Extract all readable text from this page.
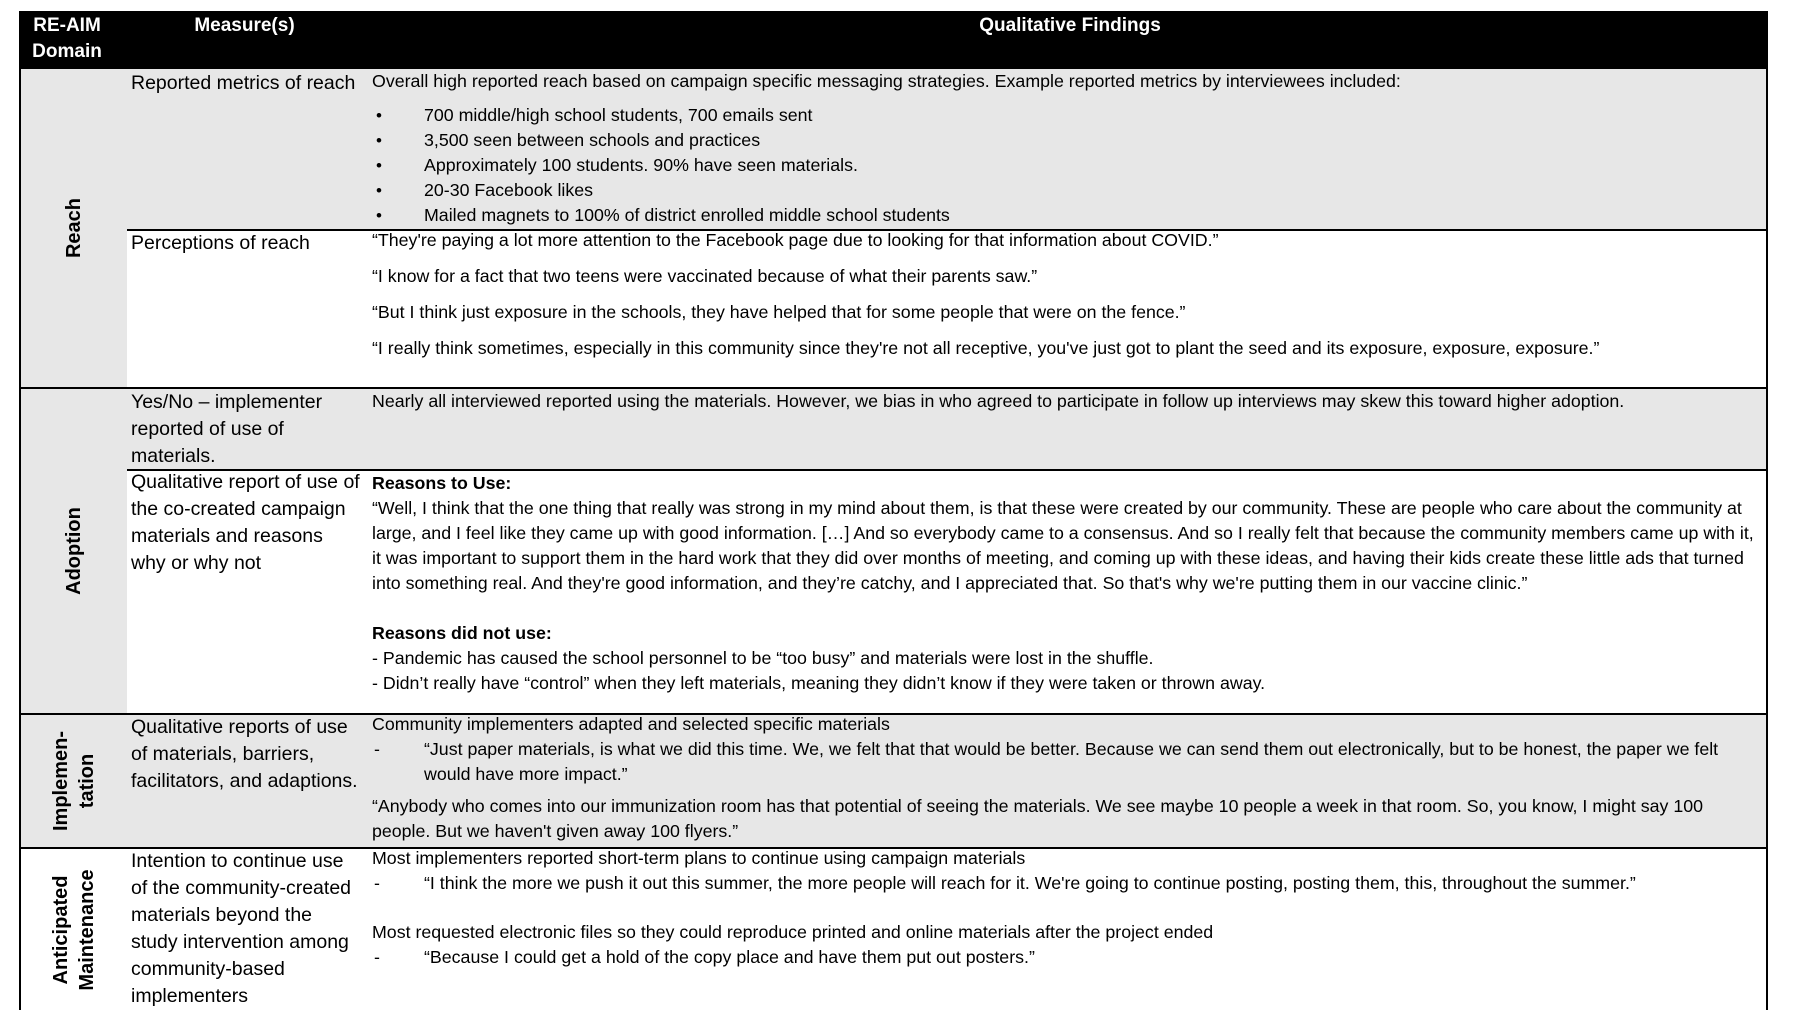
RE-AIM Domain
Measure(s)	Qualitative Findings
Reach
Reported metrics of reach Overall high reported reach based on campaign specific messaging strategies. Example reported metrics by interviewees included:

• 700 middle/high school students, 700 emails sent
• 3,500 seen between schools and practices
• Approximately 100 students. 90% have seen materials.
• 20-30 Facebook likes
• Mailed magnets to 100% of district enrolled middle school students
Perceptions of reach	“They're paying a lot more attention to the Facebook page due to looking for that information about COVID.”

“I know for a fact that two teens were vaccinated because of what their parents saw.”

“But I think just exposure in the schools, they have helped that for some people that were on the fence.”

“I really think sometimes, especially in this community since they're not all receptive, you've just got to plant the seed and its exposure, exposure, exposure.”

Adoption
Yes/No – implementer reported of use of materials.
Nearly all interviewed reported using the materials. However, we bias in who agreed to participate in follow up interviews may skew this toward higher adoption.
Qualitative report of use of the co-created campaign materials and reasons why or why not

Reasons to Use:

“Well, I think that the one thing that really was strong in my mind about them, is that these were created by our community. These are people who care about the community at large, and I feel like they came up with good information. […] And so everybody came to a consensus. And so I really felt that because the community members came up with it, it was important to support them in the hard work that they did over months of meeting, and coming up with these ideas, and having their kids create these little ads that turned into something real. And they're good information, and they’re catchy, and I appreciated that. So that's why we're putting them in our vaccine clinic.”

Reasons did not use:

- Pandemic has caused the school personnel to be “too busy” and materials were lost in the shuffle.

- Didn’t really have “control” when they left materials, meaning they didn’t know if they were taken or thrown away.

Implemen- tation
Qualitative reports of use of materials, barriers, facilitators, and adaptions.

Community implementers adapted and selected specific materials

- “Just paper materials, is what we did this time. We, we felt that that would be better. Because we can send them out electronically, but to be honest, the paper we felt would have more impact.”

“Anybody who comes into our immunization room has that potential of seeing the materials. We see maybe 10 people a week in that room. So, you know, I might say 100 people. But we haven't given away 100 flyers.”

Anticipated Maintenance
Intention to continue use of the community-created materials beyond the study intervention among community-based implementers

Most implementers reported short-term plans to continue using campaign materials

- “I think the more we push it out this summer, the more people will reach for it. We're going to continue posting, posting them, this, throughout the summer.”

Most requested electronic files so they could reproduce printed and online materials after the project ended

- “Because I could get a hold of the copy place and have them put out posters.”
